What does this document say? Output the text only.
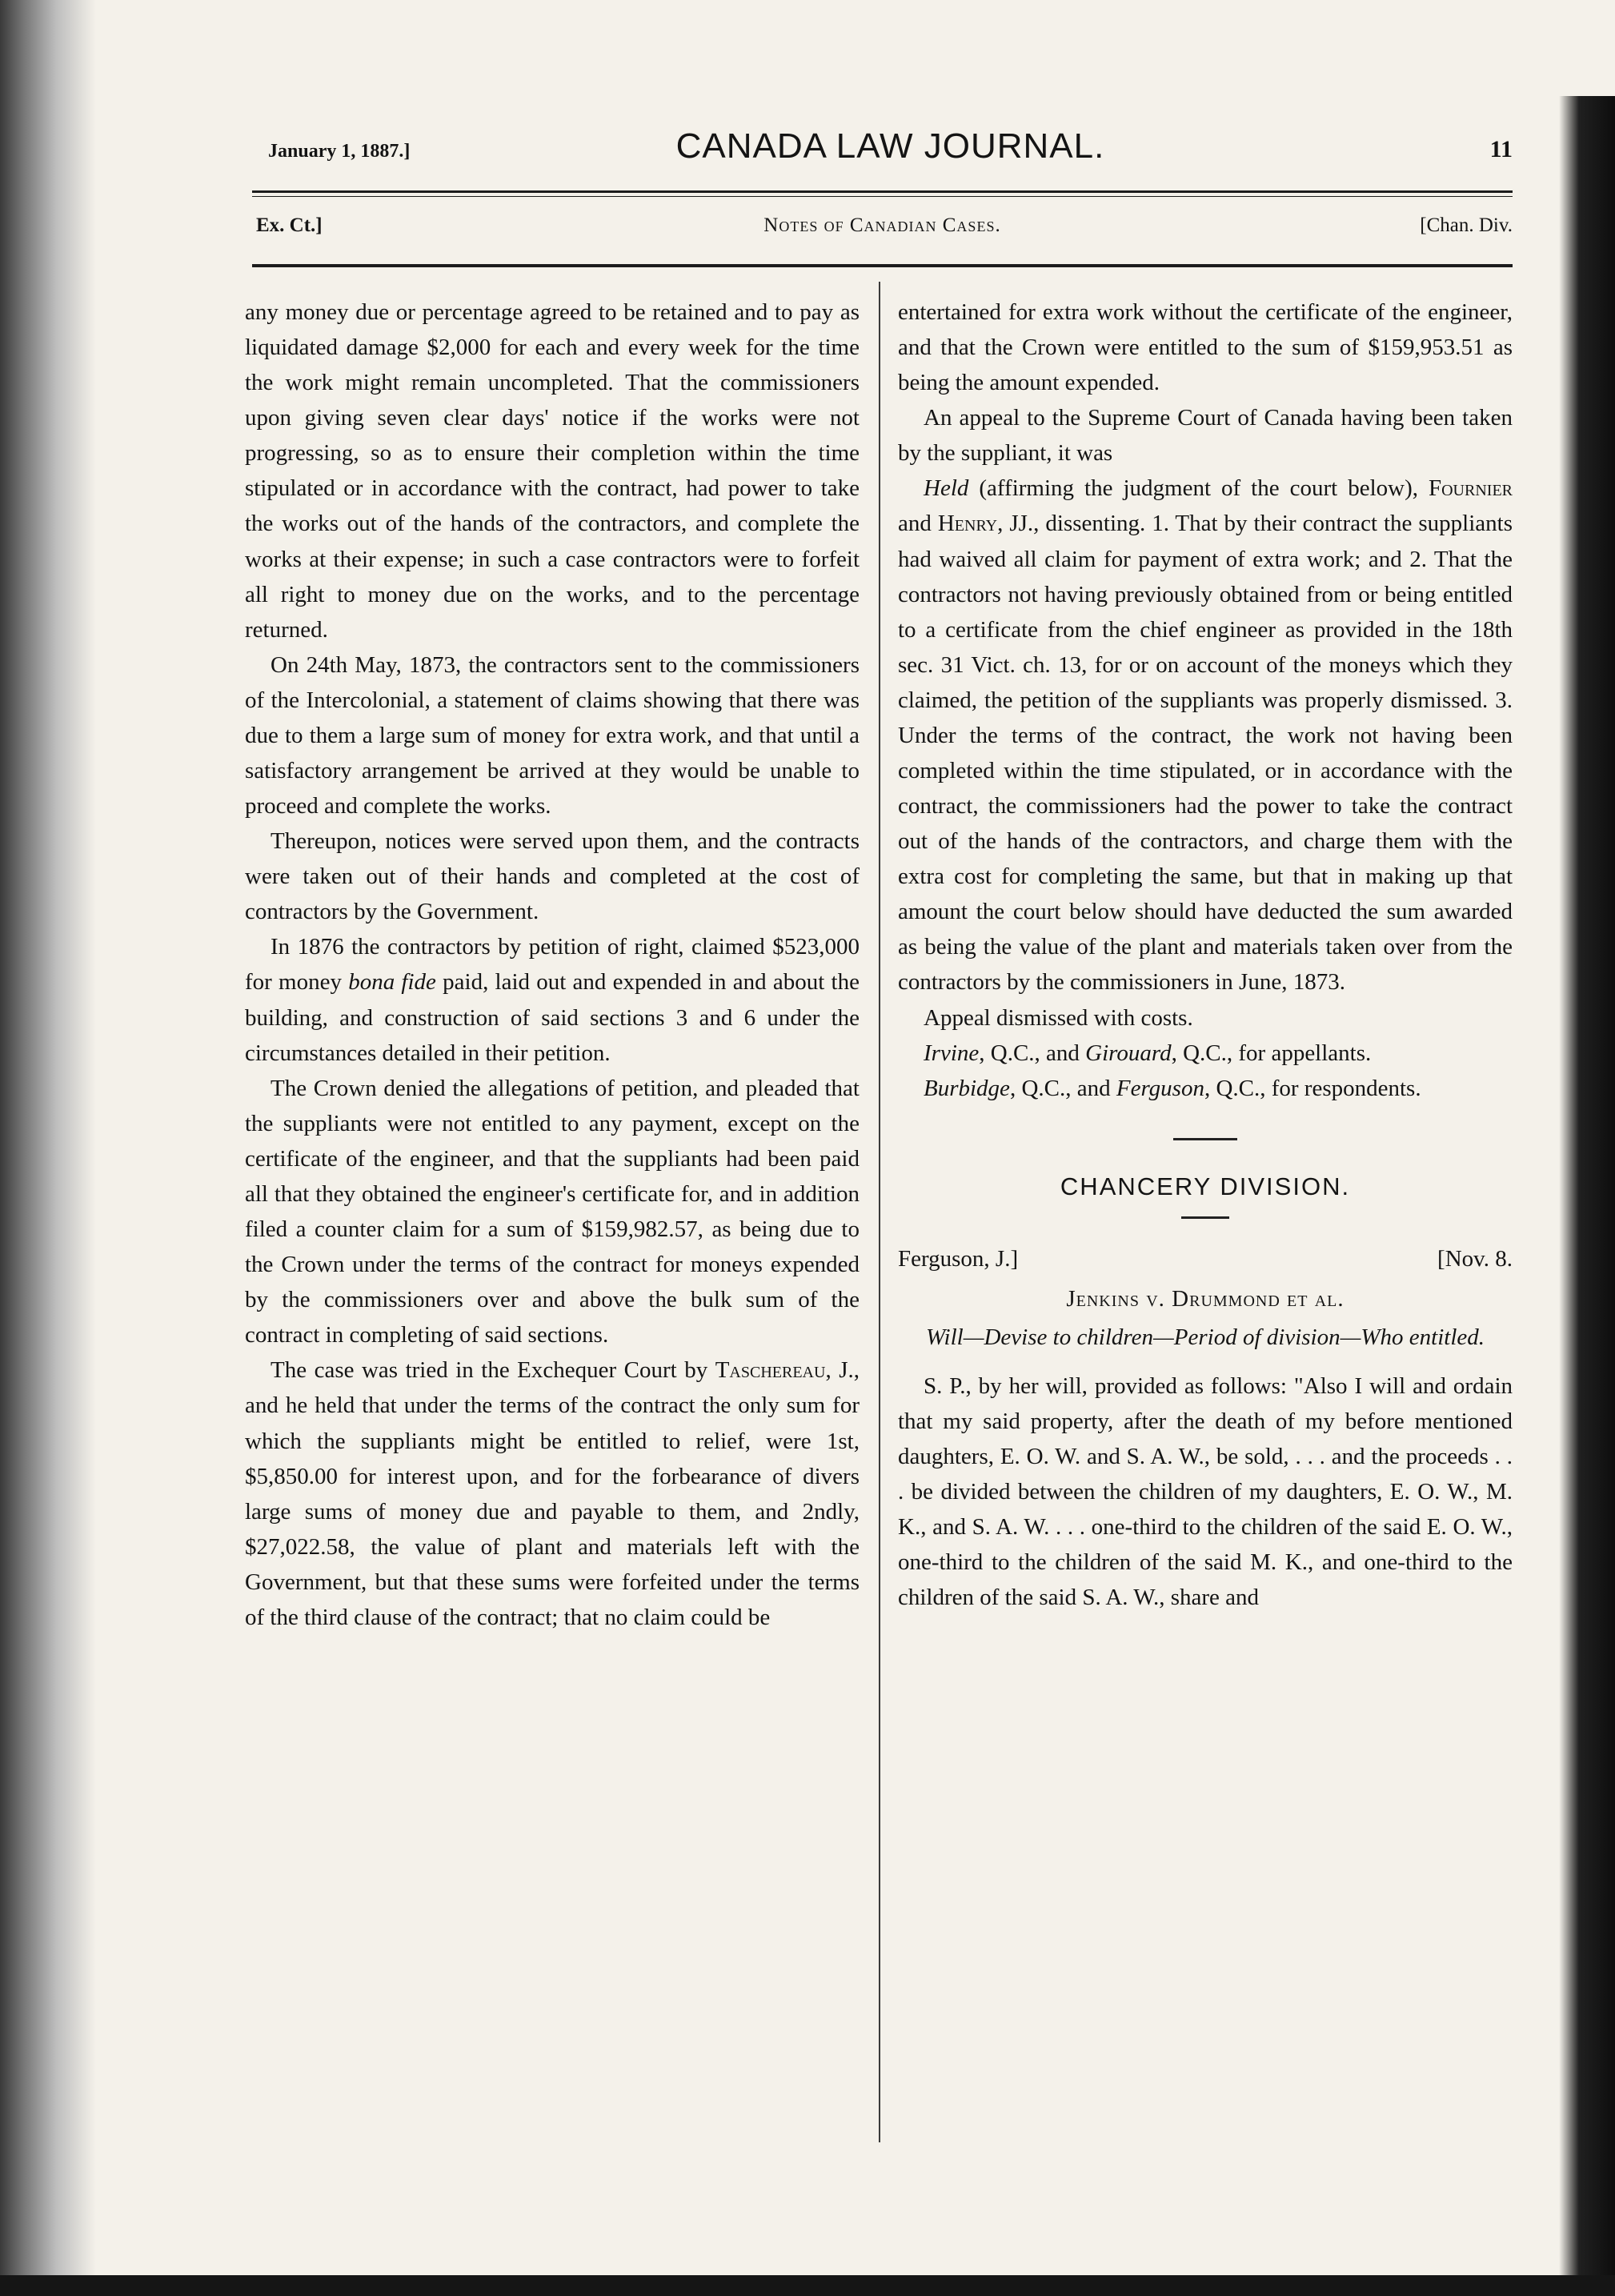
January 1, 1887.]	CANADA LAW JOURNAL.	11
Ex. Ct.]	Notes of Canadian Cases.	[Chan. Div.

any money due or percentage agreed to be retained and to pay as liquidated damage $2,000 for each and every week for the time the work might remain uncompleted. That the commissioners upon giving seven clear days' notice if the works were not progressing, so as to ensure their completion within the time stipulated or in accordance with the contract, had power to take the works out of the hands of the contractors, and complete the works at their expense; in such a case contractors were to forfeit all right to money due on the works, and to the percentage returned.

On 24th May, 1873, the contractors sent to the commissioners of the Intercolonial, a statement of claims showing that there was due to them a large sum of money for extra work, and that until a satisfactory arrangement be arrived at they would be unable to proceed and complete the works.

Thereupon, notices were served upon them, and the contracts were taken out of their hands and completed at the cost of contractors by the Government.

In 1876 the contractors by petition of right, claimed $523,000 for money bona fide paid, laid out and expended in and about the building, and construction of said sections 3 and 6 under the circumstances detailed in their petition.

The Crown denied the allegations of petition, and pleaded that the suppliants were not entitled to any payment, except on the certificate of the engineer, and that the suppliants had been paid all that they obtained the engineer's certificate for, and in addition filed a counter claim for a sum of $159,982.57, as being due to the Crown under the terms of the contract for moneys expended by the commissioners over and above the bulk sum of the contract in completing of said sections.

The case was tried in the Exchequer Court by Taschereau, J., and he held that under the terms of the contract the only sum for which the suppliants might be entitled to relief, were 1st, $5,850.00 for interest upon, and for the forbearance of divers large sums of money due and payable to them, and 2ndly, $27,022.58, the value of plant and materials left with the Government, but that these sums were forfeited under the terms of the third clause of the contract; that no claim could be

entertained for extra work without the certificate of the engineer, and that the Crown were entitled to the sum of $159,953.51 as being the amount expended.

An appeal to the Supreme Court of Canada having been taken by the suppliant, it was

Held (affirming the judgment of the court below), Fournier and Henry, JJ., dissenting. 1. That by their contract the suppliants had waived all claim for payment of extra work; and 2. That the contractors not having previously obtained from or being entitled to a certificate from the chief engineer as provided in the 18th sec. 31 Vict. ch. 13, for or on account of the moneys which they claimed, the petition of the suppliants was properly dismissed. 3. Under the terms of the contract, the work not having been completed within the time stipulated, or in accordance with the contract, the commissioners had the power to take the contract out of the hands of the contractors, and charge them with the extra cost for completing the same, but that in making up that amount the court below should have deducted the sum awarded as being the value of the plant and materials taken over from the contractors by the commissioners in June, 1873.

Appeal dismissed with costs.

Irvine, Q.C., and Girouard, Q.C., for appellants.

Burbidge, Q.C., and Ferguson, Q.C., for respondents.

CHANCERY DIVISION.
Ferguson, J.]	[Nov. 8.
Jenkins v. Drummond et al.
Will—Devise to children—Period of division—Who entitled.

S. P., by her will, provided as follows: "Also I will and ordain that my said property, after the death of my before mentioned daughters, E. O. W. and S. A. W., be sold, . . . and the proceeds . . . be divided between the children of my daughters, E. O. W., M. K., and S. A. W. . . . one-third to the children of the said E. O. W., one-third to the children of the said M. K., and one-third to the children of the said S. A. W., share and
